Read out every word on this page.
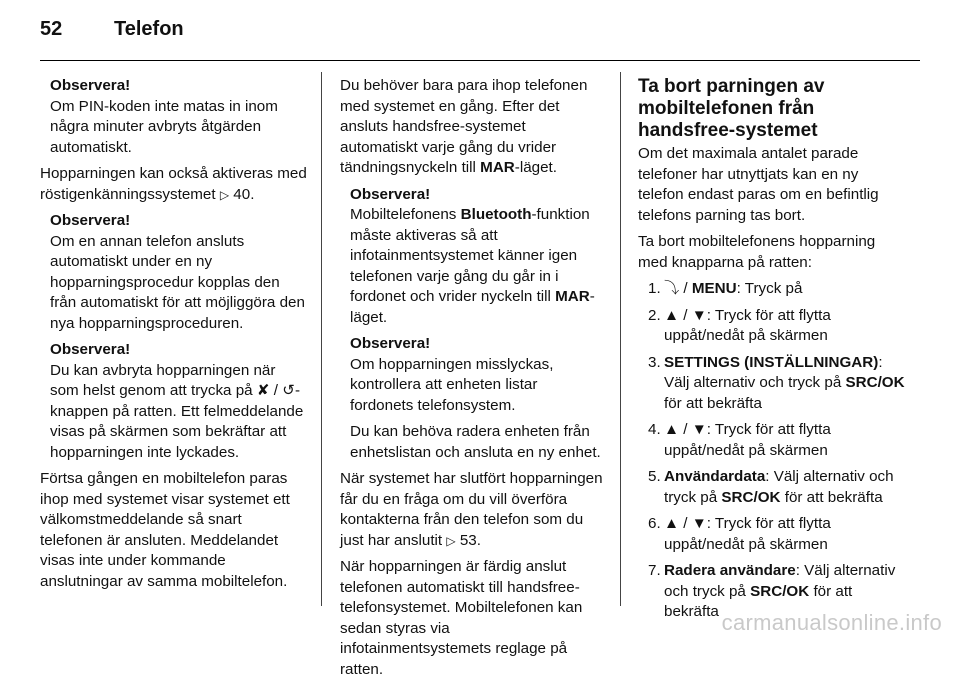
52	Telefon
Observera!
Om PIN-koden inte matas in inom några minuter avbryts åtgärden automatiskt.

Hopparningen kan också aktiveras med röstigenkänningssystemet ▷ 40.

Observera!
Om en annan telefon ansluts automatiskt under en ny hopparningsprocedur kopplas den från automatiskt för att möjliggöra den nya hopparningsproceduren.
Observera!
Du kan avbryta hopparningen när som helst genom att trycka på ✘ / ↺-knappen på ratten. Ett felmeddelande visas på skärmen som bekräftar att hopparningen inte lyckades.

Förtsa gången en mobiltelefon paras ihop med systemet visar systemet ett välkomstmeddelande så snart telefonen är ansluten. Meddelandet visas inte under kommande anslutningar av samma mobiltelefon.

Du behöver bara para ihop telefonen med systemet en gång. Efter det ansluts handsfree-systemet automatiskt varje gång du vrider tändningsnyckeln till MAR-läget.

Observera!
Mobiltelefonens Bluetooth-funktion måste aktiveras så att infotainmentsystemet känner igen telefonen varje gång du går in i fordonet och vrider nyckeln till MAR-läget.
Observera!
Om hopparningen misslyckas, kontrollera att enheten listar fordonets telefonsystem.
Du kan behöva radera enheten från enhetslistan och ansluta en ny enhet.

När systemet har slutfört hopparningen får du en fråga om du vill överföra kontakterna från den telefon som du just har anslutit ▷ 53.

När hopparningen är färdig anslut telefonen automatiskt till handsfree-telefonsystemet. Mobiltelefonen kan sedan styras via infotainmentsystemets reglage på ratten.

Ta bort parningen av mobiltelefonen från handsfree-systemet

Om det maximala antalet parade telefoner har utnyttjats kan en ny telefon endast paras om en befintlig telefons parning tas bort.

Ta bort mobiltelefonens hopparning med knapparna på ratten:

1. ⤵ / MENU: Tryck på
2. ▲ / ▼: Tryck för att flytta uppåt/nedåt på skärmen
3. SETTINGS (INSTÄLLNINGAR): Välj alternativ och tryck på SRC/OK för att bekräfta
4. ▲ / ▼: Tryck för att flytta uppåt/nedåt på skärmen
5. Användardata: Välj alternativ och tryck på SRC/OK för att bekräfta
6. ▲ / ▼: Tryck för att flytta uppåt/nedåt på skärmen
7. Radera användare: Välj alternativ och tryck på SRC/OK för att bekräfta carmanualsonline.info
